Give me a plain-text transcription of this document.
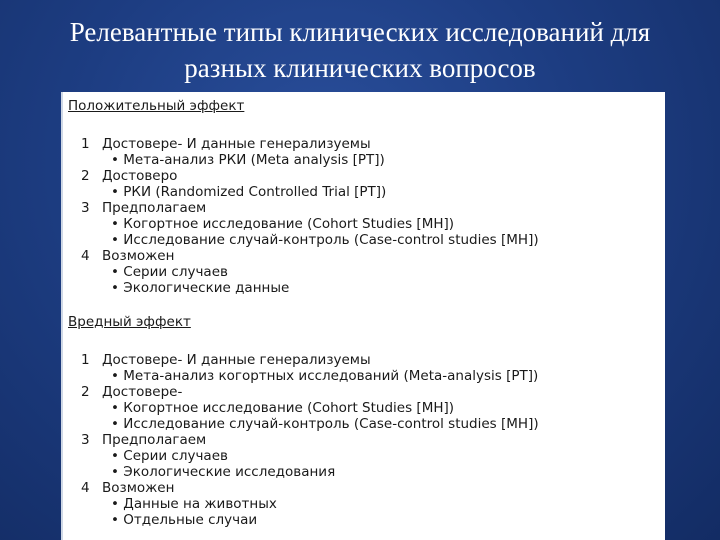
Релевантные типы клинических исследований для
разных клинических вопросов
Положительный эффект
1 Достовере- И данные генерализуемы
• Мета-анализ РКИ (Meta analysis [PT])
2 Достоверо
• РКИ (Randomized Controlled Trial [PT])
3 Предполагаем
• Когортное исследование (Cohort Studies [MH])
• Исследование случай-контроль (Case-control studies [MH])
4 Возможен
• Серии случаев
• Экологические данные
Вредный эффект
1 Достовере- И данные генерализуемы
• Мета-анализ когортных исследований (Meta-analysis [PT])
2 Достовере-
• Когортное исследование (Cohort Studies [MH])
• Исследование случай-контроль (Case-control studies [MH])
3 Предполагаем
• Серии случаев
• Экологические исследования
4 Возможен
• Данные на животных
• Отдельные случаи
